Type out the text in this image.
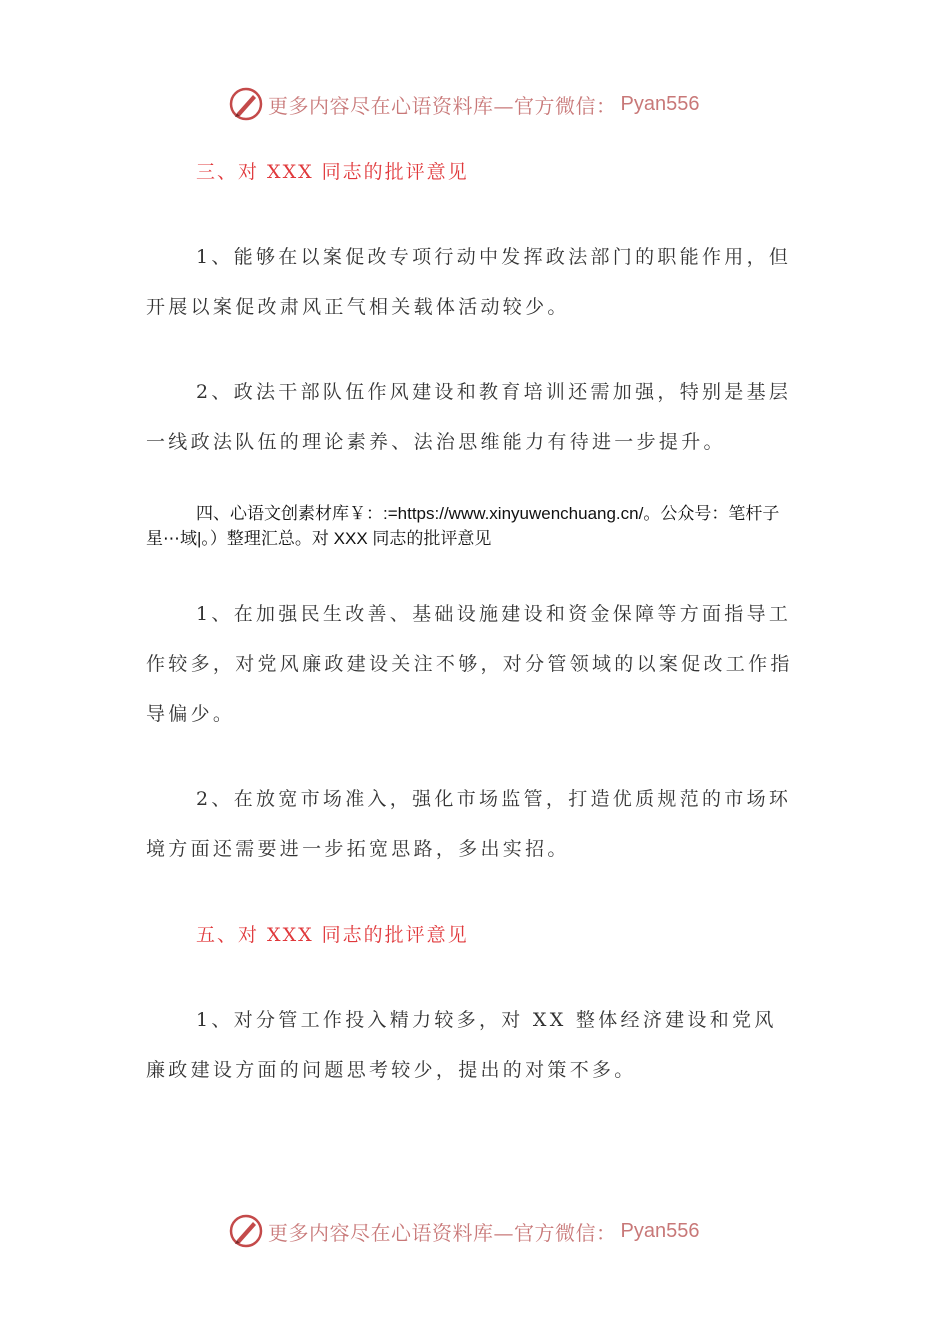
更多内容尽在心语资料库—官方微信： Pyan556
三、对 XXX 同志的批评意见
1、能够在以案促改专项行动中发挥政法部门的职能作用，但开展以案促改肃风正气相关载体活动较少。
2、政法干部队伍作风建设和教育培训还需加强，特别是基层一线政法队伍的理论素养、法治思维能力有待进一步提升。
四、心语文创素材库￥：:=https://www.xinyuwenchuang.cn/。公众号：笔杆子星⋯域|。）整理汇总。对 XXX 同志的批评意见
1、在加强民生改善、基础设施建设和资金保障等方面指导工作较多，对党风廉政建设关注不够，对分管领域的以案促改工作指导偏少。
2、在放宽市场准入，强化市场监管，打造优质规范的市场环境方面还需要进一步拓宽思路，多出实招。
五、对 XXX 同志的批评意见
1、对分管工作投入精力较多，对 XX 整体经济建设和党风廉政建设方面的问题思考较少，提出的对策不多。
更多内容尽在心语资料库—官方微信： Pyan556
